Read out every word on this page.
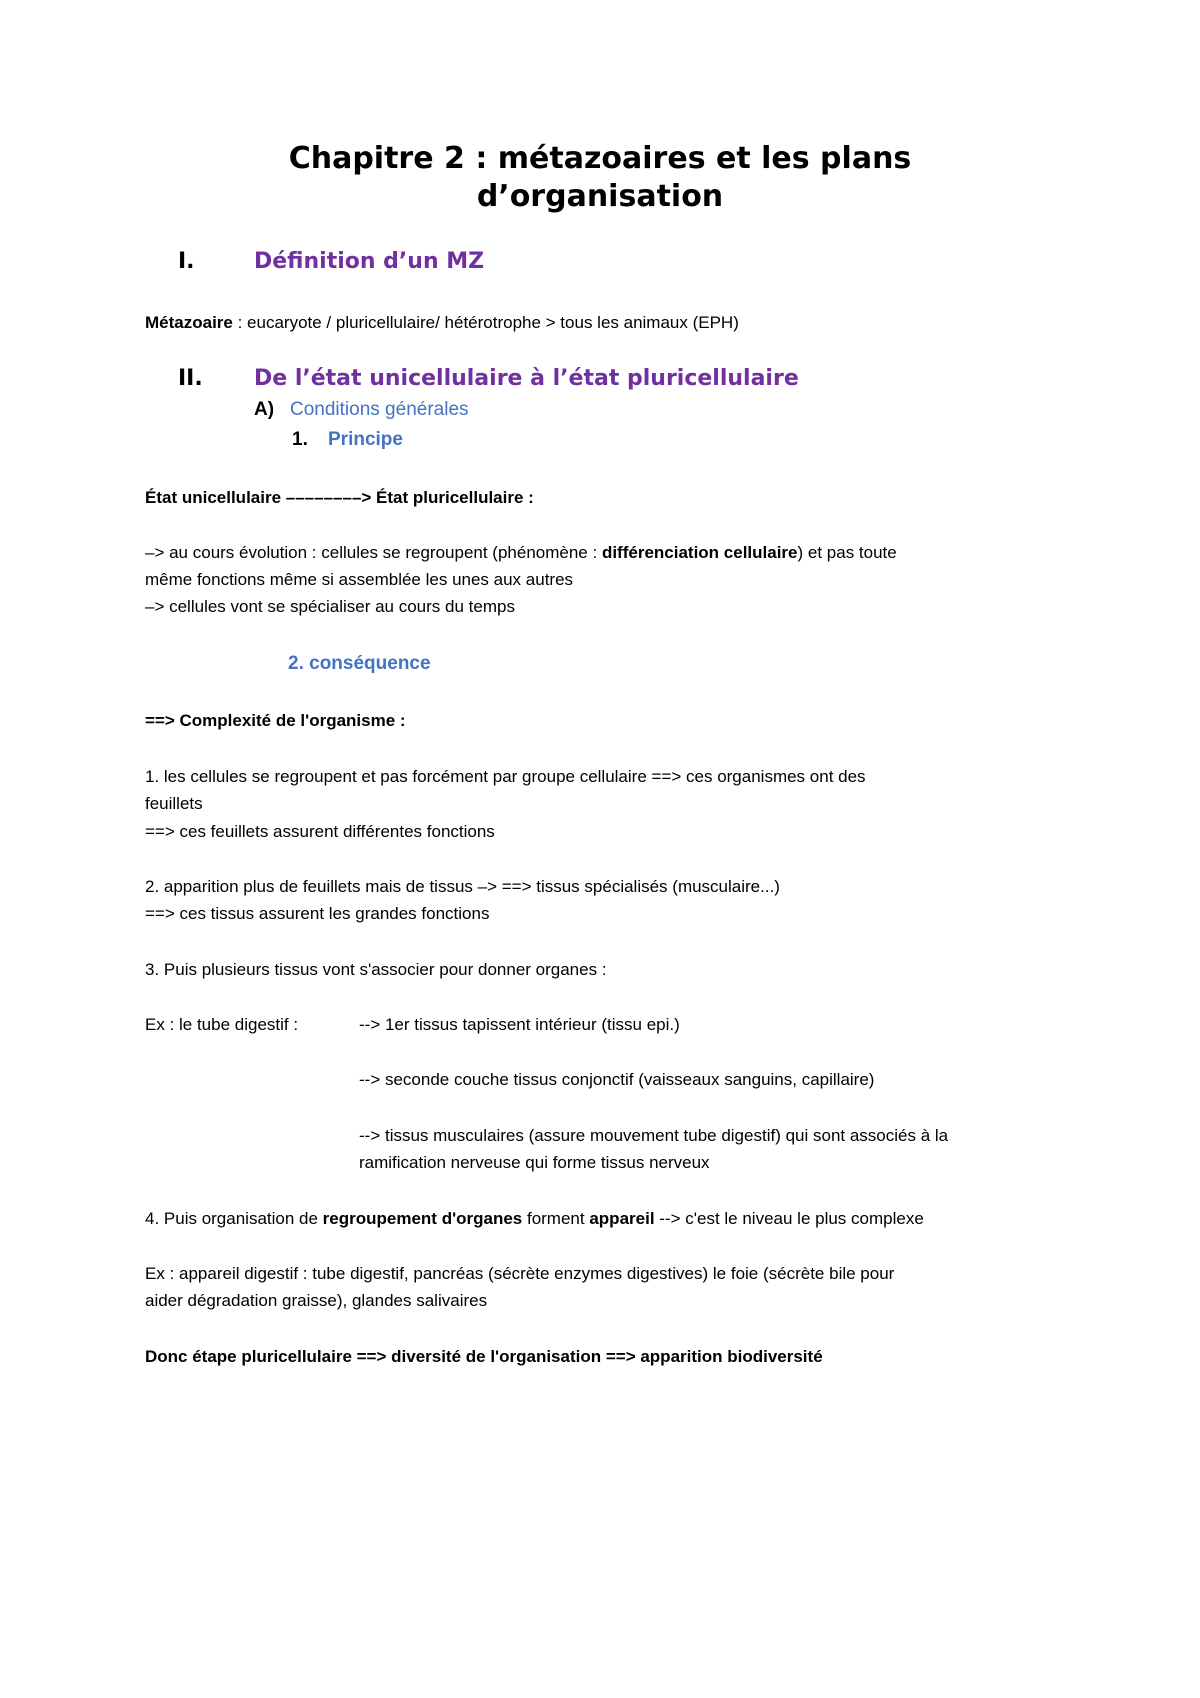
Chapitre 2 : métazoaires et les plans
d’organisation
I.	Définition d’un MZ
Métazoaire : eucaryote / pluricellulaire/ hétérotrophe > tous les animaux (EPH)
II. De l’état unicellulaire à l’état pluricellulaire
A) Conditions générales
1. Principe
État unicellulaire ––––––––> État pluricellulaire :
–> au cours évolution : cellules se regroupent (phénomène : différenciation cellulaire) et pas toute
même fonctions même si assemblée les unes aux autres
–> cellules vont se spécialiser au cours du temps
2. conséquence
==> Complexité de l'organisme :
1. les cellules se regroupent et pas forcément par groupe cellulaire ==> ces organismes ont des
feuillets
==> ces feuillets assurent différentes fonctions
2. apparition plus de feuillets mais de tissus –> ==> tissus spécialisés (musculaire...)
==> ces tissus assurent les grandes fonctions
3. Puis plusieurs tissus vont s'associer pour donner organes :
Ex : le tube digestif :	--> 1er tissus tapissent intérieur (tissu epi.)
--> seconde couche tissus conjonctif (vaisseaux sanguins, capillaire)
--> tissus musculaires (assure mouvement tube digestif) qui sont associés à la
ramification nerveuse qui forme tissus nerveux
4. Puis organisation de regroupement d'organes forment appareil --> c'est le niveau le plus complexe
Ex : appareil digestif : tube digestif, pancréas (sécrète enzymes digestives) le foie (sécrète bile pour
aider dégradation graisse), glandes salivaires
Donc étape pluricellulaire ==> diversité de l'organisation ==> apparition biodiversité
